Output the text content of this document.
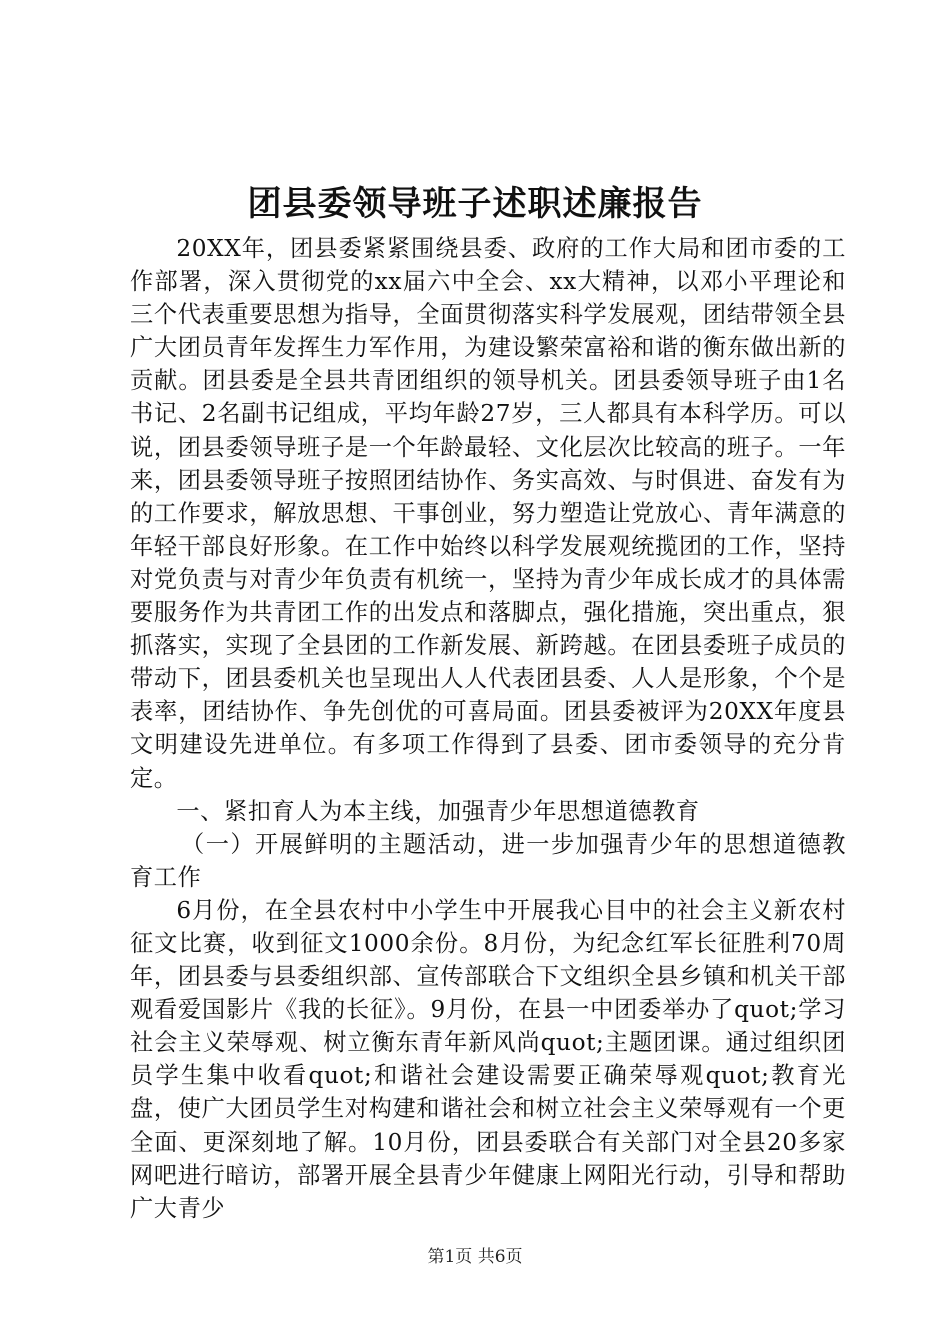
团县委领导班子述职述廉报告

20XX年，团县委紧紧围绕县委、政府的工作大局和团市委的工作部署，深入贯彻党的xx届六中全会、xx大精神，以邓小平理论和三个代表重要思想为指导，全面贯彻落实科学发展观，团结带领全县广大团员青年发挥生力军作用，为建设繁荣富裕和谐的衡东做出新的贡献。团县委是全县共青团组织的领导机关。团县委领导班子由1名书记、2名副书记组成，平均年龄27岁，三人都具有本科学历。可以说，团县委领导班子是一个年龄最轻、文化层次比较高的班子。一年来，团县委领导班子按照团结协作、务实高效、与时俱进、奋发有为的工作要求，解放思想、干事创业，努力塑造让党放心、青年满意的年轻干部良好形象。在工作中始终以科学发展观统揽团的工作，坚持对党负责与对青少年负责有机统一，坚持为青少年成长成才的具体需要服务作为共青团工作的出发点和落脚点，强化措施，突出重点，狠抓落实，实现了全县团的工作新发展、新跨越。在团县委班子成员的带动下，团县委机关也呈现出人人代表团县委、人人是形象，个个是表率，团结协作、争先创优的可喜局面。团县委被评为20XX年度县文明建设先进单位。有多项工作得到了县委、团市委领导的充分肯定。

一、紧扣育人为本主线，加强青少年思想道德教育

（一）开展鲜明的主题活动，进一步加强青少年的思想道德教育工作

6月份，在全县农村中小学生中开展我心目中的社会主义新农村征文比赛，收到征文1000余份。8月份，为纪念红军长征胜利70周年，团县委与县委组织部、宣传部联合下文组织全县乡镇和机关干部观看爱国影片《我的长征》。9月份，在县一中团委举办了quot;学习社会主义荣辱观、树立衡东青年新风尚quot;主题团课。通过组织团员学生集中收看quot;和谐社会建设需要正确荣辱观quot;教育光盘，使广大团员学生对构建和谐社会和树立社会主义荣辱观有一个更全面、更深刻地了解。10月份，团县委联合有关部门对全县20多家网吧进行暗访，部署开展全县青少年健康上网阳光行动，引导和帮助广大青少

第1页 共6页
